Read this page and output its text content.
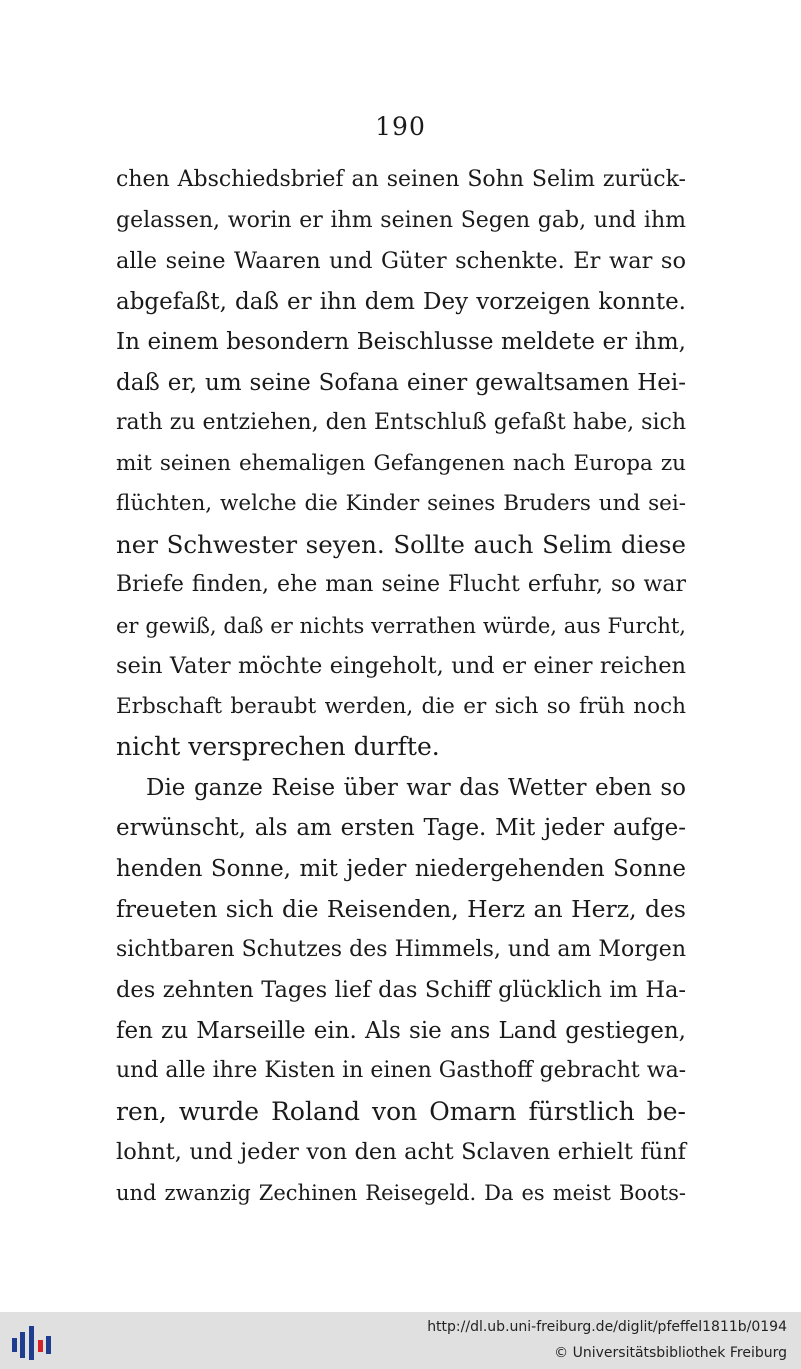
190
chen Abschiedsbrief an seinen Sohn Selim zurück-
gelassen, worin er ihm seinen Segen gab, und ihm
alle seine Waaren und Güter schenkte. Er war so
abgefaßt, daß er ihn dem Dey vorzeigen konnte.
In einem besondern Beischlusse meldete er ihm,
daß er, um seine Sofana einer gewaltsamen Hei-
rath zu entziehen, den Entschluß gefaßt habe, sich
mit seinen ehemaligen Gefangenen nach Europa zu
flüchten, welche die Kinder seines Bruders und sei-
ner Schwester seyen. Sollte auch Selim diese
Briefe finden, ehe man seine Flucht erfuhr, so war
er gewiß, daß er nichts verrathen würde, aus Furcht,
sein Vater möchte eingeholt, und er einer reichen
Erbschaft beraubt werden, die er sich so früh noch
nicht versprechen durfte.
Die ganze Reise über war das Wetter eben so
erwünscht, als am ersten Tage. Mit jeder aufge-
henden Sonne, mit jeder niedergehenden Sonne
freueten sich die Reisenden, Herz an Herz, des
sichtbaren Schutzes des Himmels, und am Morgen
des zehnten Tages lief das Schiff glücklich im Ha-
fen zu Marseille ein. Als sie ans Land gestiegen,
und alle ihre Kisten in einen Gasthoff gebracht wa-
ren, wurde Roland von Omarn fürstlich be-
lohnt, und jeder von den acht Sclaven erhielt fünf
und zwanzig Zechinen Reisegeld. Da es meist Boots-
http://dl.ub.uni-freiburg.de/diglit/pfeffel1811b/0194
© Universitätsbibliothek Freiburg
